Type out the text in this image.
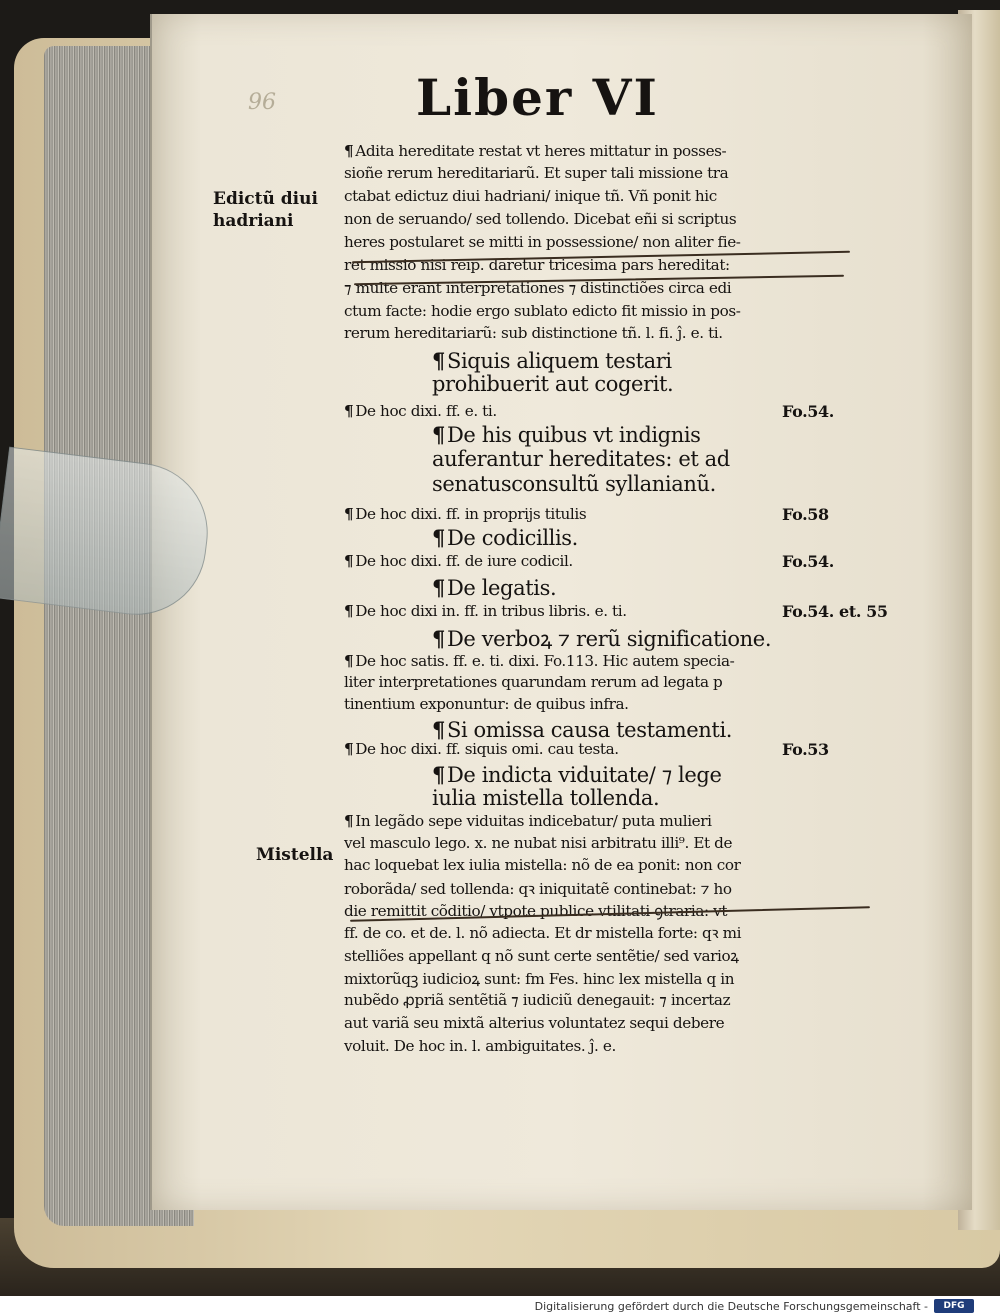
96	Liber VI
Edictũ diui
hadriani
Mistella
¶ Adita hereditate restat vt heres mittatur in posses-
sioñe rerum hereditariarũ. Et super tali missione tra
ctabat edictuz diui hadriani/ inique tñ. Vñ ponit hic
non de seruando/ sed tollendo. Dicebat eñi si scriptus
heres postularet se mitti in possessione/ non aliter fie-
ret missio nisi reip. daretur tricesima pars hereditat:
⁊ multe erant interpretationes ⁊ distinctiões circa edi
ctum facte: hodie ergo sublato edicto fit missio in pos-
rerum hereditariarũ: sub distinctione tñ. l. fi. ĵ. e. ti.
¶Siquis aliquem testari
prohibuerit aut cogerit.
¶ De hoc dixi. ff. e. ti.	Fo.54.
¶De his quibus vt indignis
auferantur hereditates: et ad
senatusconsultũ syllanianũ.
¶ De hoc dixi. ff. in proprijs titulis	Fo.58
¶De codicillis.
¶ De hoc dixi. ff. de iure codicil.	Fo.54.
¶De legatis.
¶ De hoc dixi in. ff. in tribus libris. e. ti.	Fo.54. et. 55
¶De verboꝝ ⁊ rerũ significatione.
¶ De hoc satis. ff. e. ti. dixi. Fo.113. Hic autem specia-
liter interpretationes quarundam rerum ad legata p
tinentium exponuntur: de quibus infra.
¶Si omissa causa testamenti.
¶ De hoc dixi. ff. siquis omi. cau testa.	Fo.53
¶De indicta viduitate/ ⁊ lege
iulia mistella tollenda.
¶ In legãdo sepe viduitas indicebatur/ puta mulieri
vel masculo lego. x. ne nubat nisi arbitratu illi⁹. Et de
hac loquebat lex iulia mistella: nõ de ea ponit: non cor
roborãda/ sed tollenda: qꝛ iniquitatẽ continebat: ⁊ ho
die remittit cõditio/ vtpote publice vtilitati ꝯtraria: vt
ff. de co. et de. l. nõ adiecta. Et dr mistella forte: qꝛ mi
stelliões appellant q nõ sunt certe sentẽtie/ sed varioꝝ
mixtorũqꝫ iudicioꝝ sunt: fm Fes. hinc lex mistella q in
nubẽdo ꝓpriã sentẽtiã ⁊ iudiciũ denegauit: ⁊ incertaz
aut variã seu mixtã alterius voluntatez sequi debere
voluit. De hoc in. l. ambiguitates. ĵ. e.
Digitalisierung gefördert durch die Deutsche Forschungsgemeinschaft -	DFG
